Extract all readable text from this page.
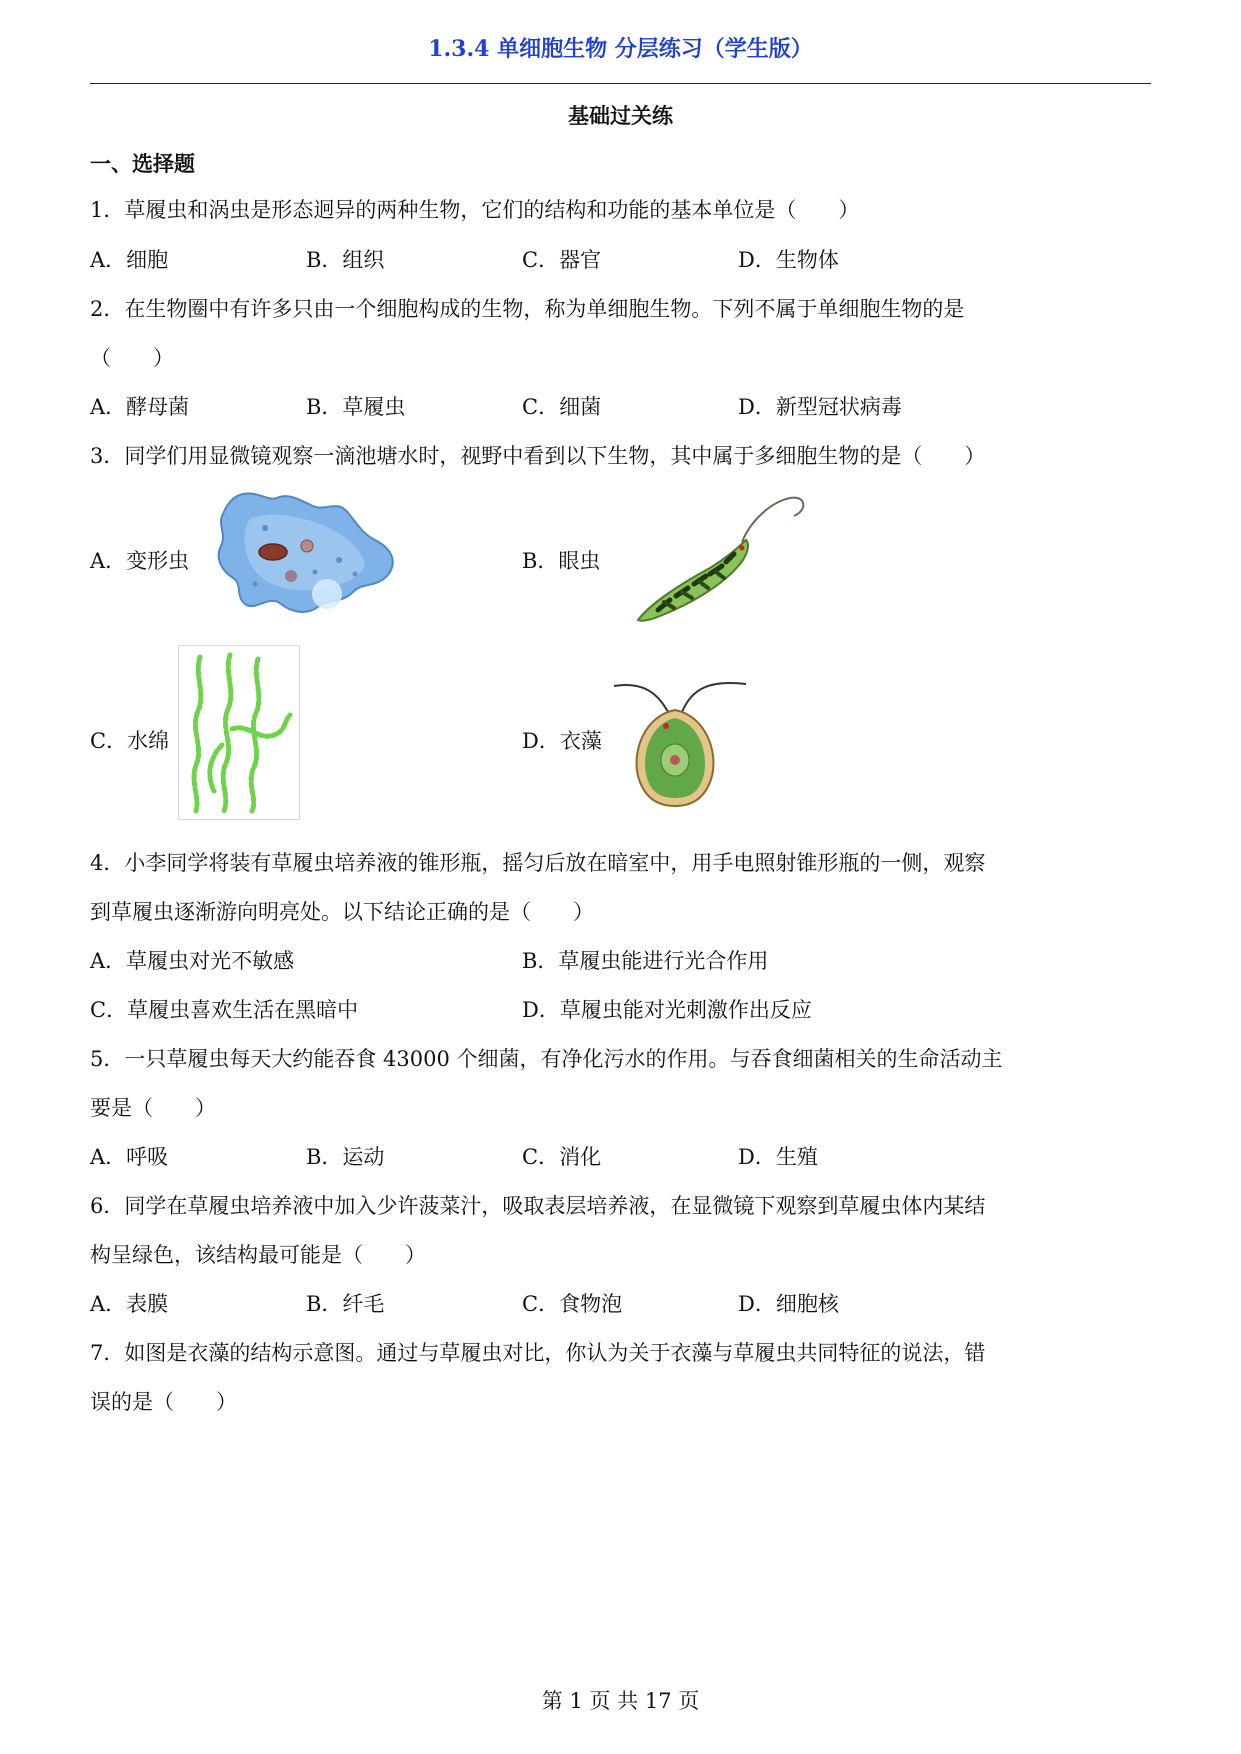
1.3.4 单细胞生物 分层练习（学生版）
基础过关练
一、选择题
1．草履虫和涡虫是形态迥异的两种生物，它们的结构和功能的基本单位是（　　）
A．细胞	B．组织	C．器官	D．生物体
2．在生物圈中有许多只由一个细胞构成的生物，称为单细胞生物。下列不属于单细胞生物的是
（　　）
A．酵母菌	B．草履虫	C．细菌	D．新型冠状病毒
3．同学们用显微镜观察一滴池塘水时，视野中看到以下生物，其中属于多细胞生物的是（　　）
A．变形虫	B．眼虫
C．水绵	D．衣藻
4．小李同学将装有草履虫培养液的锥形瓶，摇匀后放在暗室中，用手电照射锥形瓶的一侧，观察
到草履虫逐渐游向明亮处。以下结论正确的是（　　）
A．草履虫对光不敏感	B．草履虫能进行光合作用
C．草履虫喜欢生活在黑暗中	D．草履虫能对光刺激作出反应
5．一只草履虫每天大约能吞食 43000 个细菌，有净化污水的作用。与吞食细菌相关的生命活动主
要是（　　）
A．呼吸	B．运动	C．消化	D．生殖
6．同学在草履虫培养液中加入少许菠菜汁，吸取表层培养液，在显微镜下观察到草履虫体内某结
构呈绿色，该结构最可能是（　　）
A．表膜	B．纤毛	C．食物泡	D．细胞核
7．如图是衣藻的结构示意图。通过与草履虫对比，你认为关于衣藻与草履虫共同特征的说法，错
误的是（　　）
第 1 页 共 17 页
